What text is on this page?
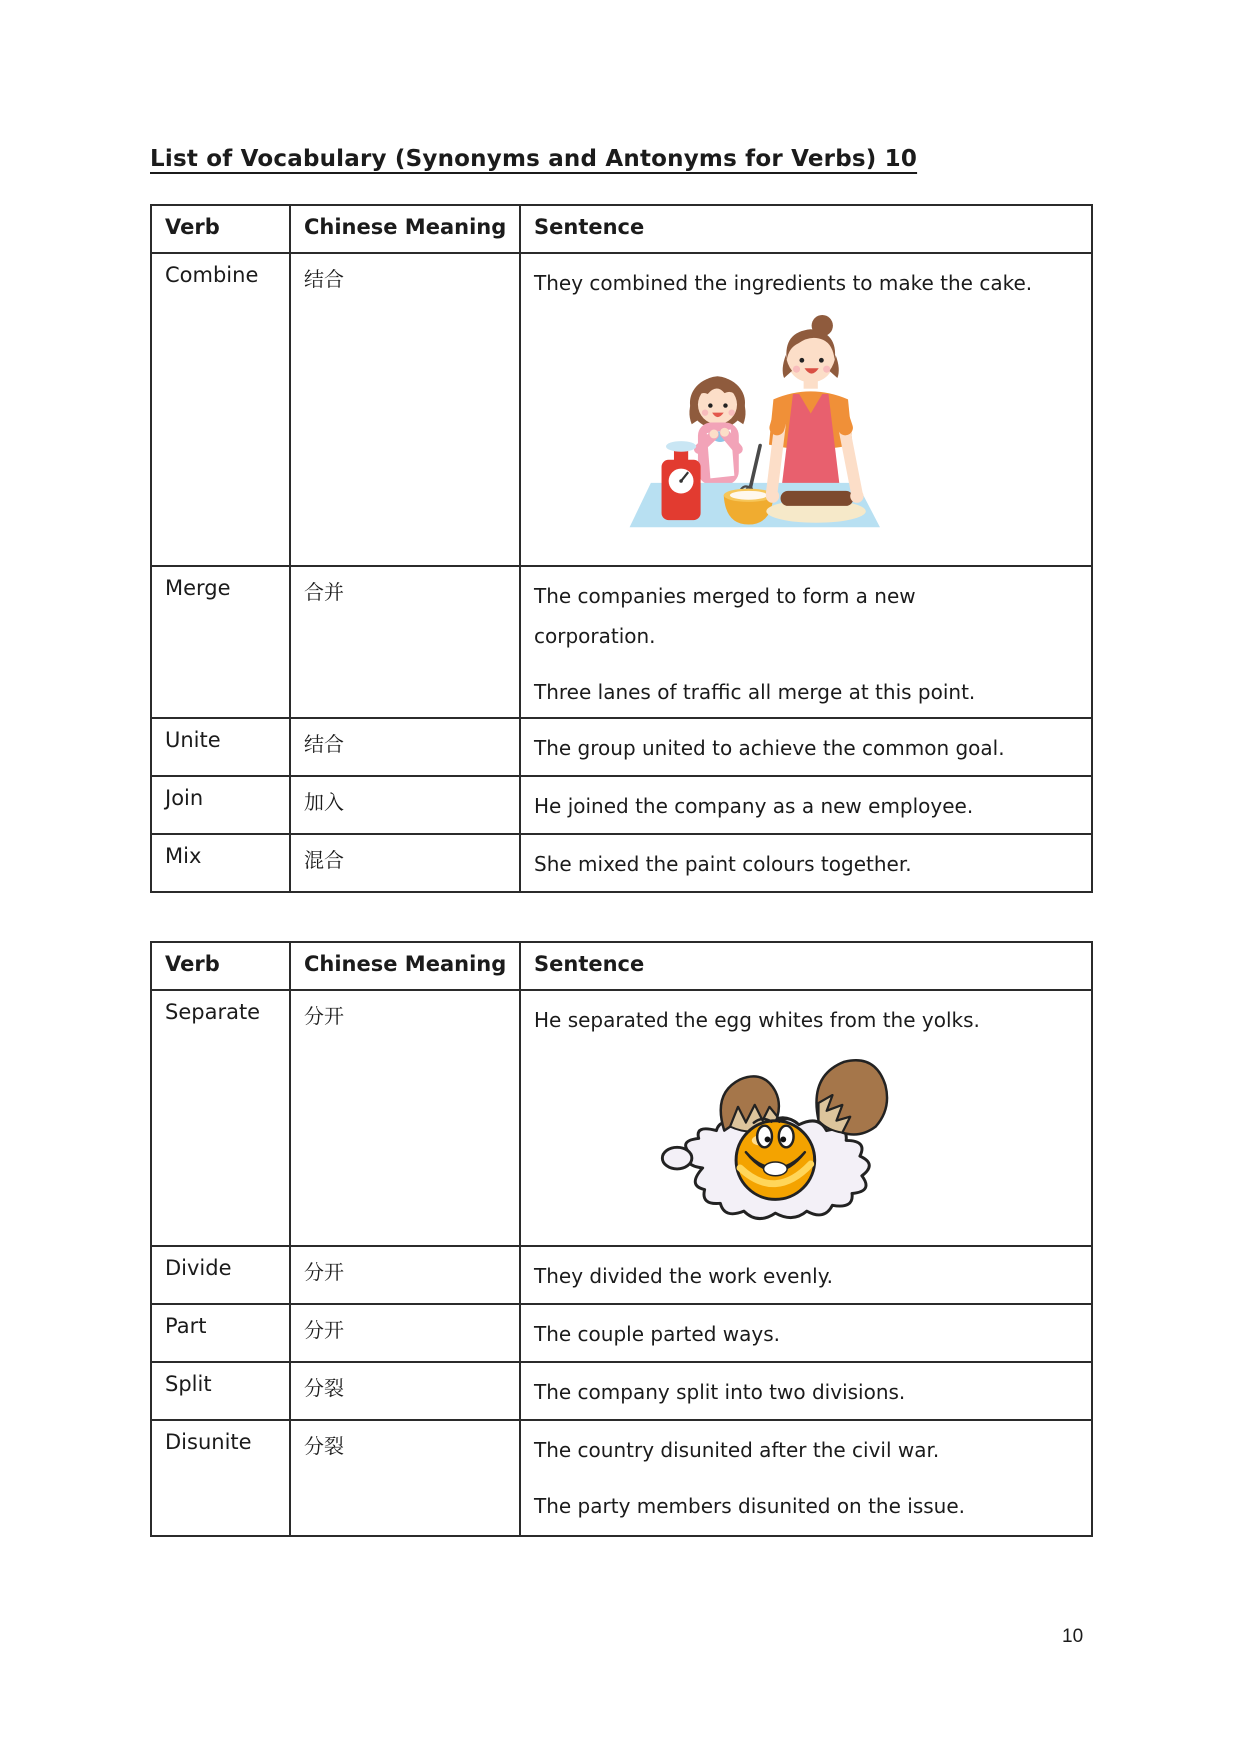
List of Vocabulary (Synonyms and Antonyms for Verbs) 10
Verb	Chinese Meaning	Sentence
Combine	结合	They combined the ingredients to make the cake.

Merge	合并	The companies merged to form a new corporation.
Three lanes of traffic all merge at this point.

Unite	结合	The group united to achieve the common goal.

Join	加入	He joined the company as a new employee.

Mix	混合	She mixed the paint colours together.
Verb	Chinese Meaning	Sentence
Separate	分开	He separated the egg whites from the yolks.

Divide	分开	They divided the work evenly.

Part	分开	The couple parted ways.

Split	分裂	The company split into two divisions.

Disunite	分裂	The country disunited after the civil war.
The party members disunited on the issue.
10
